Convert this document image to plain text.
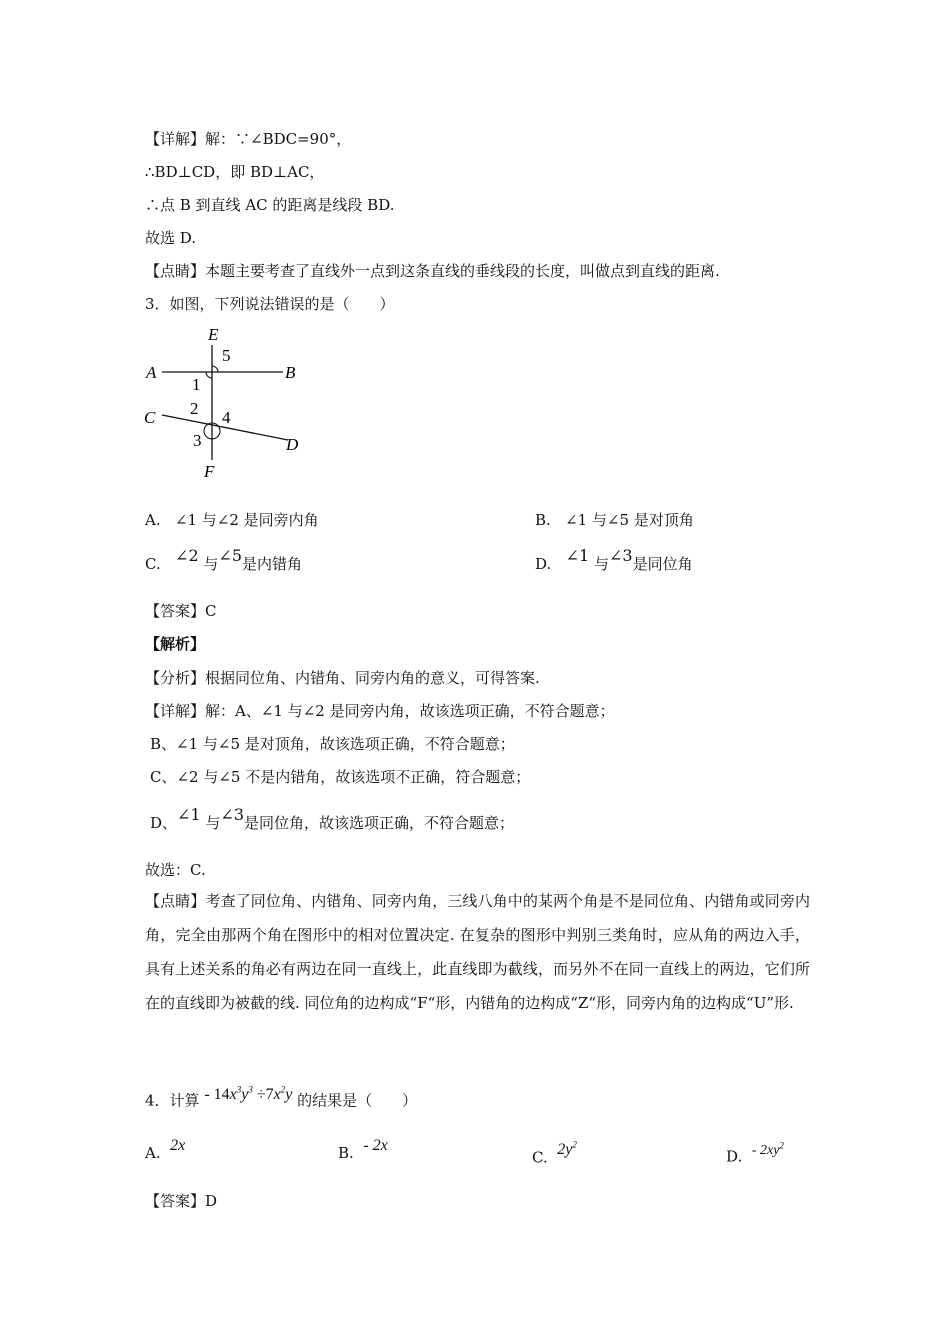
【详解】解：∵∠BDC=90°，
∴BD⊥CD，即 BD⊥AC，
∴点 B 到直线 AC 的距离是线段 BD.
故选 D.
【点睛】本题主要考查了直线外一点到这条直线的垂线段的长度，叫做点到直线的距离.
3．如图，下列说法错误的是（　　）
E
5
A	B
1
2
C	4
3	D
F
A. ∠1 与∠2 是同旁内角	B. ∠1 与∠5 是对顶角
C. ∠2 与∠5是内错角	D. ∠1 与∠3是同位角
【答案】C
【解析】
【分析】根据同位角、内错角、同旁内角的意义，可得答案.
【详解】解：A、∠1 与∠2 是同旁内角，故该选项正确，不符合题意；
B、∠1 与∠5 是对顶角，故该选项正确，不符合题意；
C、∠2 与∠5 不是内错角，故该选项不正确，符合题意；
D、∠1 与∠3是同位角，故该选项正确，不符合题意；
故选：C.
【点睛】考查了同位角、内错角、同旁内角，三线八角中的某两个角是不是同位角、内错角或同旁内角，完全由那两个角在图形中的相对位置决定. 在复杂的图形中判别三类角时，应从角的两边入手，具有上述关系的角必有两边在同一直线上，此直线即为截线，而另外不在同一直线上的两边，它们所在的直线即为被截的线. 同位角的边构成“F“形，内错角的边构成“Z“形，同旁内角的边构成“U”形.
4．计算 - $14x^3y^3 \div 7x^2y$ 的结果是（　　）
A. 2x	B. - 2x
C. $2y^2$
D. - $2xy^2$
【答案】D
